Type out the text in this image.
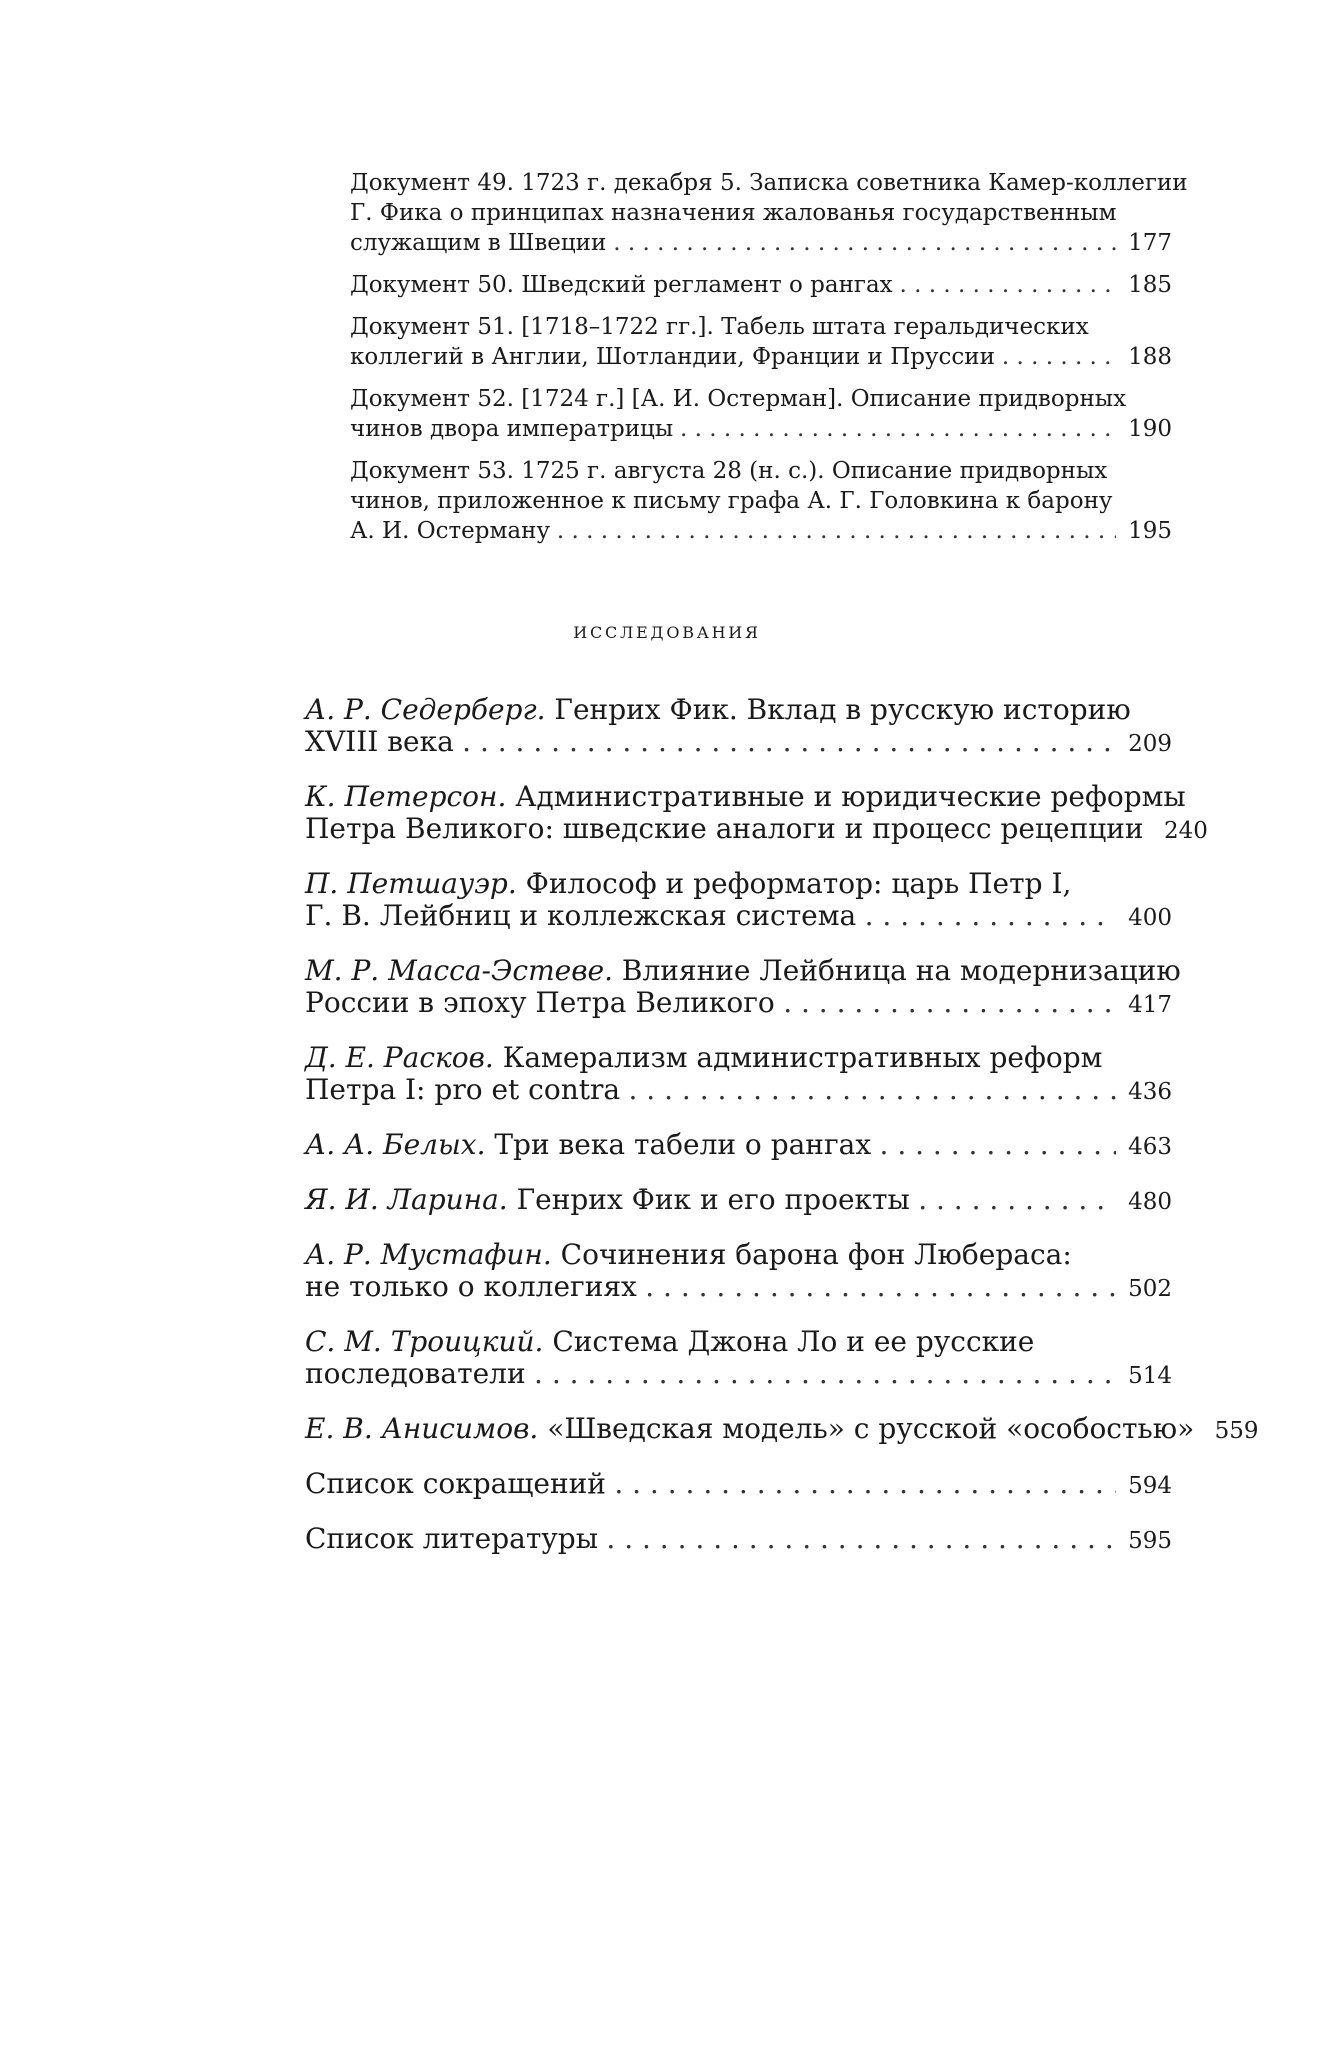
Документ 49. 1723 г. декабря 5. Записка советника Камер-коллегии
Г. Фика о принципах назначения жалованья государственным
служащим в Швеции . . .	177
Документ 50. Шведский регламент о рангах . . .	185
Документ 51. [1718–1722 гг.]. Табель штата геральдических
коллегий в Англии, Шотландии, Франции и Пруссии . . .	188
Документ 52. [1724 г.] [А. И. Остерман]. Описание придворных
чинов двора императрицы . . .	190
Документ 53. 1725 г. августа 28 (н. с.). Описание придворных
чинов, приложенное к письму графа А. Г. Головкина к барону
А. И. Остерману . . .	195
исследования
А. Р. Седерберг. Генрих Фик. Вклад в русскую историю
XVIII века . . .	209
К. Петерсон. Административные и юридические реформы
Петра Великого: шведские аналоги и процесс рецепции . . . 240
П. Петшауэр. Философ и реформатор: царь Петр I,
Г. В. Лейбниц и коллежская система . . .	400
М. Р. Масса-Эстеве. Влияние Лейбница на модернизацию
России в эпоху Петра Великого . . .	417
Д. Е. Расков. Камерализм административных реформ
Петра I: pro et contra . . .	436
А. А. Белых. Три века табели о рангах . . .	463
Я. И. Ларина. Генрих Фик и его проекты . . .	480
А. Р. Мустафин. Сочинения барона фон Любераса:
не только о коллегиях . . .	502
С. М. Троицкий. Система Джона Ло и ее русские
последователи . . .	514
Е. В. Анисимов. «Шведская модель» с русской «особостью» . . . 559
Список сокращений . . .	594
Список литературы . . .	595
